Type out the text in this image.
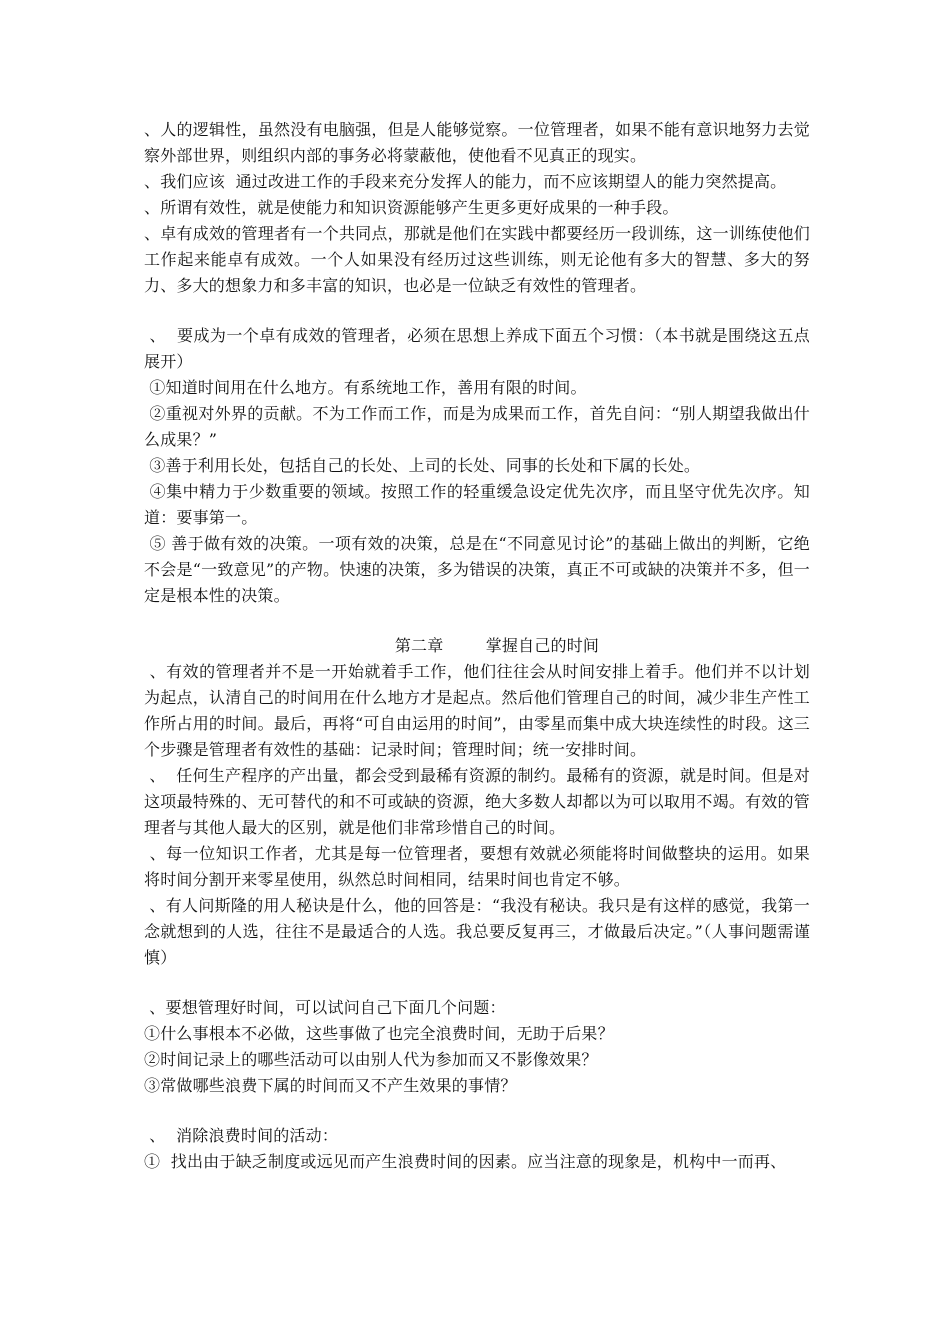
、人的逻辑性，虽然没有电脑强，但是人能够觉察。一位管理者，如果不能有意识地努力去觉察外部世界，则组织内部的事务必将蒙蔽他，使他看不见真正的现实。

、我们应该  通过改进工作的手段来充分发挥人的能力，而不应该期望人的能力突然提高。

、所谓有效性，就是使能力和知识资源能够产生更多更好成果的一种手段。

、卓有成效的管理者有一个共同点，那就是他们在实践中都要经历一段训练，这一训练使他们工作起来能卓有成效。一个人如果没有经历过这些训练，则无论他有多大的智慧、多大的努力、多大的想象力和多丰富的知识，也必是一位缺乏有效性的管理者。

、  要成为一个卓有成效的管理者，必须在思想上养成下面五个习惯：（本书就是围绕这五点展开）

①知道时间用在什么地方。有系统地工作，善用有限的时间。

②重视对外界的贡献。不为工作而工作，而是为成果而工作，首先自问：“别人期望我做出什么成果？”

③善于利用长处，包括自己的长处、上司的长处、同事的长处和下属的长处。

④集中精力于少数重要的领域。按照工作的轻重缓急设定优先次序，而且坚守优先次序。知道：要事第一。

⑤ 善于做有效的决策。一项有效的决策，总是在“不同意见讨论”的基础上做出的判断，它绝不会是“一致意见”的产物。快速的决策，多为错误的决策，真正不可或缺的决策并不多，但一定是根本性的决策。

第二章        掌握自己的时间

、有效的管理者并不是一开始就着手工作，他们往往会从时间安排上着手。他们并不以计划为起点，认清自己的时间用在什么地方才是起点。然后他们管理自己的时间，减少非生产性工作所占用的时间。最后，再将“可自由运用的时间”，由零星而集中成大块连续性的时段。这三个步骤是管理者有效性的基础：记录时间；管理时间；统一安排时间。

、  任何生产程序的产出量，都会受到最稀有资源的制约。最稀有的资源，就是时间。但是对这项最特殊的、无可替代的和不可或缺的资源，绝大多数人却都以为可以取用不竭。有效的管理者与其他人最大的区别，就是他们非常珍惜自己的时间。

、每一位知识工作者，尤其是每一位管理者，要想有效就必须能将时间做整块的运用。如果将时间分割开来零星使用，纵然总时间相同，结果时间也肯定不够。

、有人问斯隆的用人秘诀是什么，他的回答是：“我没有秘诀。我只是有这样的感觉，我第一念就想到的人选，往往不是最适合的人选。我总要反复再三，才做最后决定。”（人事问题需谨慎）

、要想管理好时间，可以试问自己下面几个问题：

①什么事根本不必做，这些事做了也完全浪费时间，无助于后果？

②时间记录上的哪些活动可以由别人代为参加而又不影像效果？

③常做哪些浪费下属的时间而又不产生效果的事情？

、  消除浪费时间的活动：

①  找出由于缺乏制度或远见而产生浪费时间的因素。应当注意的现象是，机构中一而再、
